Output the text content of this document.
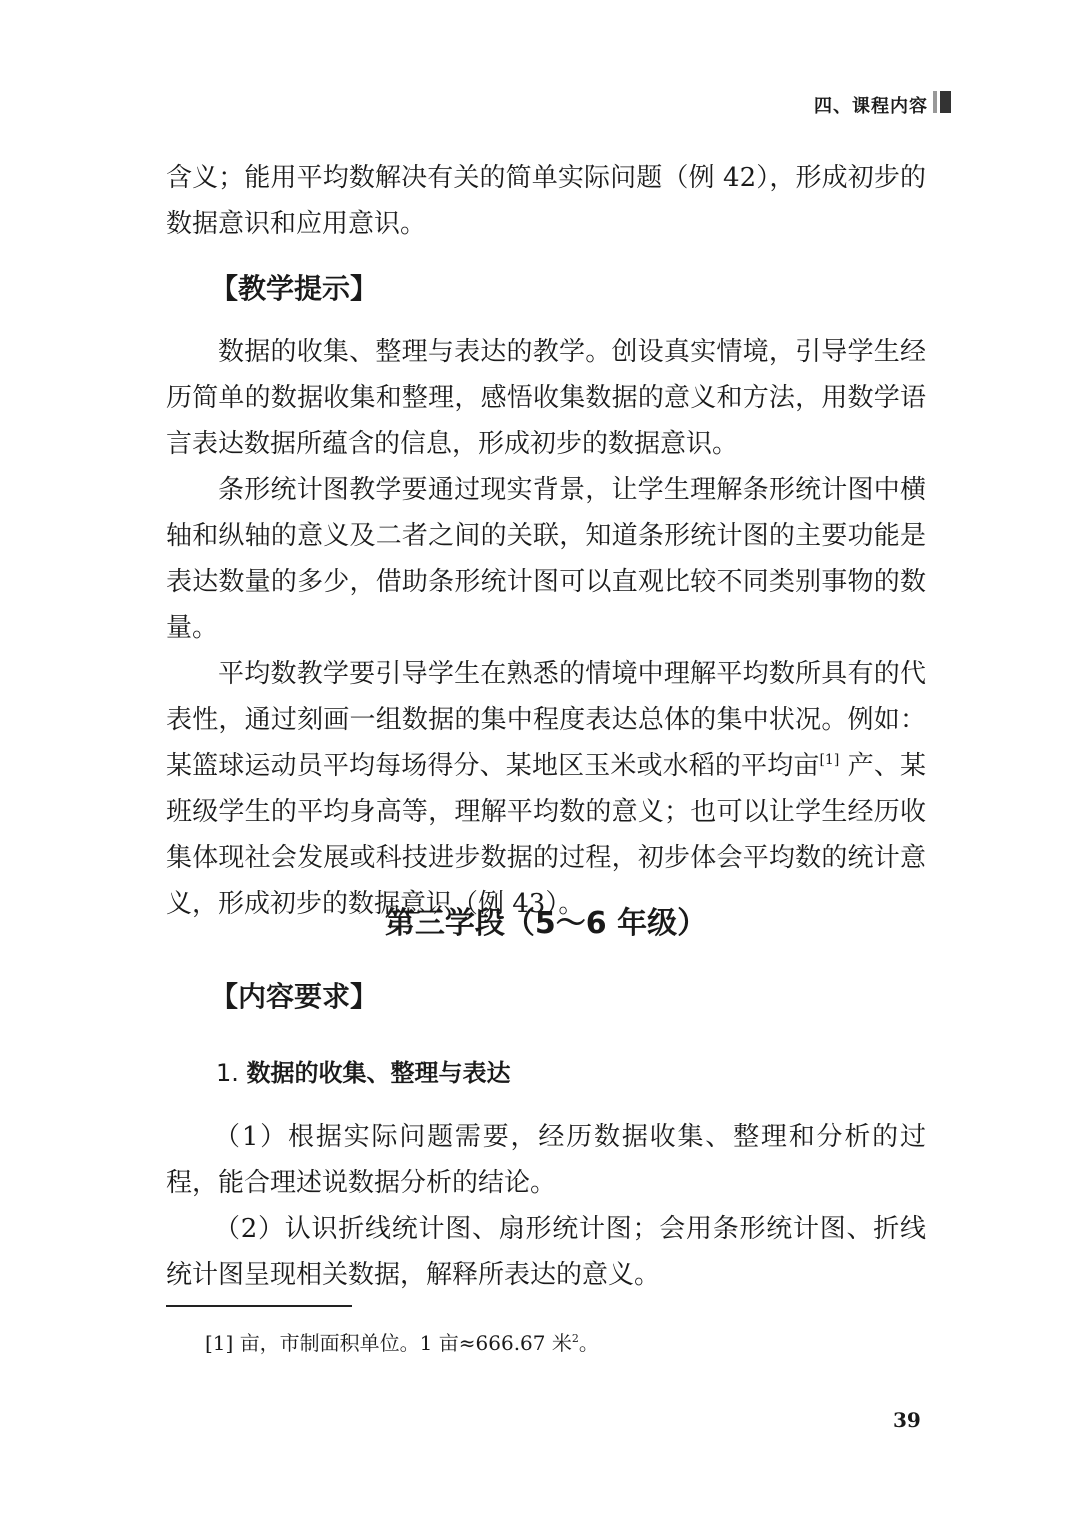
四、课程内容

含义；能用平均数解决有关的简单实际问题（例 42），形成初步的数据意识和应用意识。

【教学提示】

数据的收集、整理与表达的教学。创设真实情境，引导学生经历简单的数据收集和整理，感悟收集数据的意义和方法，用数学语言表达数据所蕴含的信息，形成初步的数据意识。

条形统计图教学要通过现实背景，让学生理解条形统计图中横轴和纵轴的意义及二者之间的关联，知道条形统计图的主要功能是表达数量的多少，借助条形统计图可以直观比较不同类别事物的数量。

平均数教学要引导学生在熟悉的情境中理解平均数所具有的代表性，通过刻画一组数据的集中程度表达总体的集中状况。例如：某篮球运动员平均每场得分、某地区玉米或水稻的平均亩[1] 产、某班级学生的平均身高等，理解平均数的意义；也可以让学生经历收集体现社会发展或科技进步数据的过程，初步体会平均数的统计意义，形成初步的数据意识（例 43）。

第三学段（5～6 年级）
【内容要求】
1. 数据的收集、整理与表达

（1）根据实际问题需要，经历数据收集、整理和分析的过程，能合理述说数据分析的结论。

（2）认识折线统计图、扇形统计图；会用条形统计图、折线统计图呈现相关数据，解释所表达的意义。

[1] 亩，市制面积单位。1 亩≈666.67 米$^2$。
39
